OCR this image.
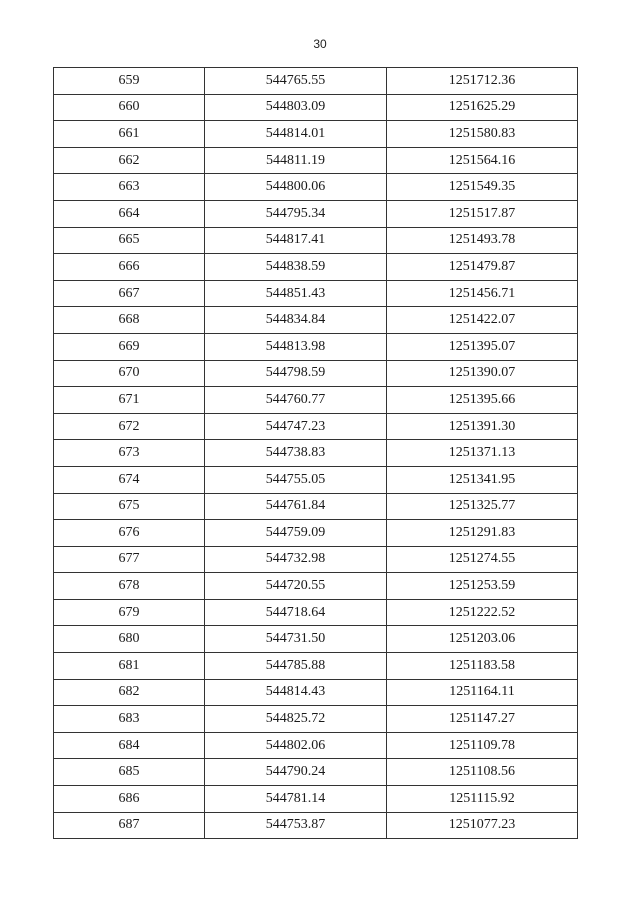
30
659	544765.55	1251712.36
660	544803.09	1251625.29
661	544814.01	1251580.83
662	544811.19	1251564.16
663	544800.06	1251549.35
664	544795.34	1251517.87
665	544817.41	1251493.78
666	544838.59	1251479.87
667	544851.43	1251456.71
668	544834.84	1251422.07
669	544813.98	1251395.07
670	544798.59	1251390.07
671	544760.77	1251395.66
672	544747.23	1251391.30
673	544738.83	1251371.13
674	544755.05	1251341.95
675	544761.84	1251325.77
676	544759.09	1251291.83
677	544732.98	1251274.55
678	544720.55	1251253.59
679	544718.64	1251222.52
680	544731.50	1251203.06
681	544785.88	1251183.58
682	544814.43	1251164.11
683	544825.72	1251147.27
684	544802.06	1251109.78
685	544790.24	1251108.56
686	544781.14	1251115.92
687	544753.87	1251077.23
